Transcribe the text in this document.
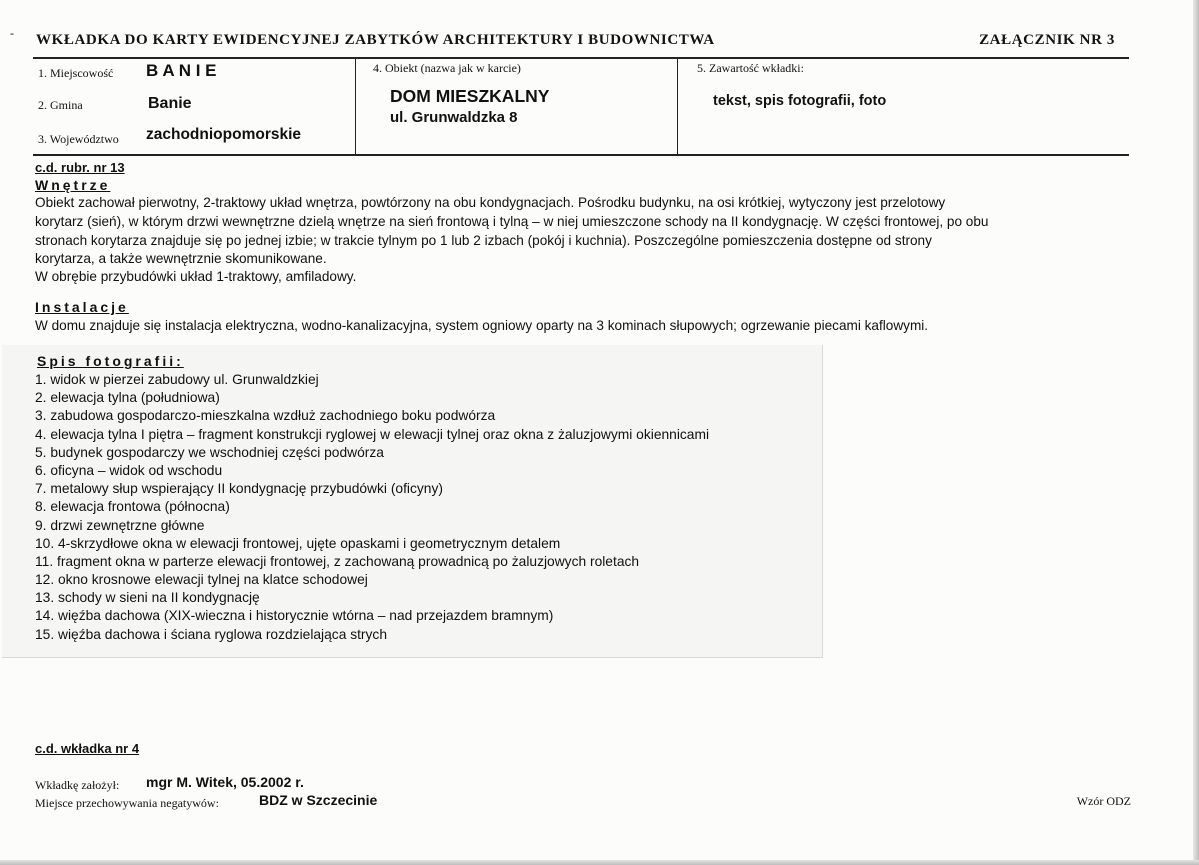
- WKŁADKA DO KARTY EWIDENCYJNEJ ZABYTKÓW ARCHITEKTURY I BUDOWNICTWA	ZAŁĄCZNIK NR 3
1. Miejscowość B A N I E
2. Gmina	Banie
3. Województwo zachodniopomorskie
4. Obiekt (nazwa jak w karcie)
DOM MIESZKALNY
ul. Grunwaldzka 8
5. Zawartość wkładki:
tekst, spis fotografii, foto
c.d. rubr. nr 13
Wnętrze
Obiekt zachował pierwotny, 2-traktowy układ wnętrza, powtórzony na obu kondygnacjach. Pośrodku budynku, na osi krótkiej, wytyczony jest przelotowy
korytarz (sień), w którym drzwi wewnętrzne dzielą wnętrze na sień frontową i tylną – w niej umieszczone schody na II kondygnację. W części frontowej, po obu
stronach korytarza znajduje się po jednej izbie; w trakcie tylnym po 1 lub 2 izbach (pokój i kuchnia). Poszczególne pomieszczenia dostępne od strony
korytarza, a także wewnętrznie skomunikowane.
W obrębie przybudówki układ 1-traktowy, amfiladowy.
Instalacje
W domu znajduje się instalacja elektryczna, wodno-kanalizacyjna, system ogniowy oparty na 3 kominach słupowych; ogrzewanie piecami kaflowymi.
Spis fotografii:
1. widok w pierzei zabudowy ul. Grunwaldzkiej
2. elewacja tylna (południowa)
3. zabudowa gospodarczo-mieszkalna wzdłuż zachodniego boku podwórza
4. elewacja tylna I piętra – fragment konstrukcji ryglowej w elewacji tylnej oraz okna z żaluzjowymi okiennicami
5. budynek gospodarczy we wschodniej części podwórza
6. oficyna – widok od wschodu
7. metalowy słup wspierający II kondygnację przybudówki (oficyny)
8. elewacja frontowa (północna)
9. drzwi zewnętrzne główne
10. 4-skrzydłowe okna w elewacji frontowej, ujęte opaskami i geometrycznym detalem
11. fragment okna w parterze elewacji frontowej, z zachowaną prowadnicą po żaluzjowych roletach
12. okno krosnowe elewacji tylnej na klatce schodowej
13. schody w sieni na II kondygnację
14. więźba dachowa (XIX-wieczna i historycznie wtórna – nad przejazdem bramnym)
15. więźba dachowa i ściana ryglowa rozdzielająca strych
c.d. wkładka nr 4
Wkładkę założył: mgr M. Witek, 05.2002 r.
Miejsce przechowywania negatywów:	BDZ w Szczecinie	Wzór ODZ
